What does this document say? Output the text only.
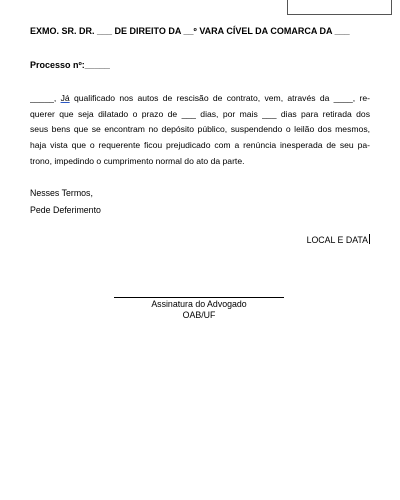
EXMO. SR. DR. ___ DE DIREITO DA __º VARA CÍVEL DA COMARCA DA ___
Processo nº:_____
_____, Já qualificado nos autos de rescisão de contrato, vem, através da ____, re-
querer que seja dilatado o prazo de ___ dias, por mais ___ dias para retirada dos
seus bens que se encontram no depósito público, suspendendo o leilão dos mesmos,
haja vista que o requerente ficou prejudicado com a renúncia inesperada de seu pa-
trono, impedindo o cumprimento normal do ato da parte.
Nesses Termos,
Pede Deferimento
LOCAL E DATA
Assinatura do Advogado
OAB/UF
